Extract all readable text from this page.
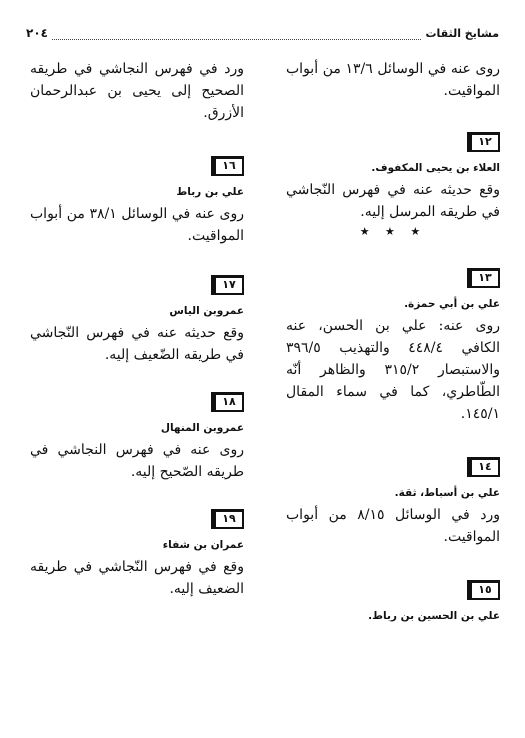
٢٠٤	مشايخ الثقات

روى عنه في الوسائل ١٣/٦ من أبواب المواقيت.

١٢
العلاء بن يحيى المكفوف.

وقع حديثه عنه في فهرس النّجاشي في طريقه المرسل إليه.

★ ★ ★
١٣
علي بن أبي حمزة.

روى عنه: علي بن الحسن، عنه الكافي ٤٤٨/٤ والتهذيب ٣٩٦/٥ والاستبصار ٣١٥/٢ والظاهر أنّه الطّاطري، كما في سماء المقال ١٤٥/١.

١٤
علي بن أسباط، ثقة.

ورد في الوسائل ٨/١٥ من أبواب المواقيت.

١٥
علي بن الحسين بن رباط.

ورد في فهرس النجاشي في طريقه الصحيح إلى يحيى بن عبدالرحمان الأزرق.

١٦
علي بن رباط

روى عنه في الوسائل ٣٨/١ من أبواب المواقيت.

١٧
عمروبن الياس

وقع حديثه عنه في فهرس النّجاشي في طريقه الضّعيف إليه.

١٨
عمروبن المنهال

روى عنه في فهرس النجاشي في طريقه الصّحيح إليه.

١٩
عمران بن شفاء

وقع في فهرس النّجاشي في طريقه الضعيف إليه.
